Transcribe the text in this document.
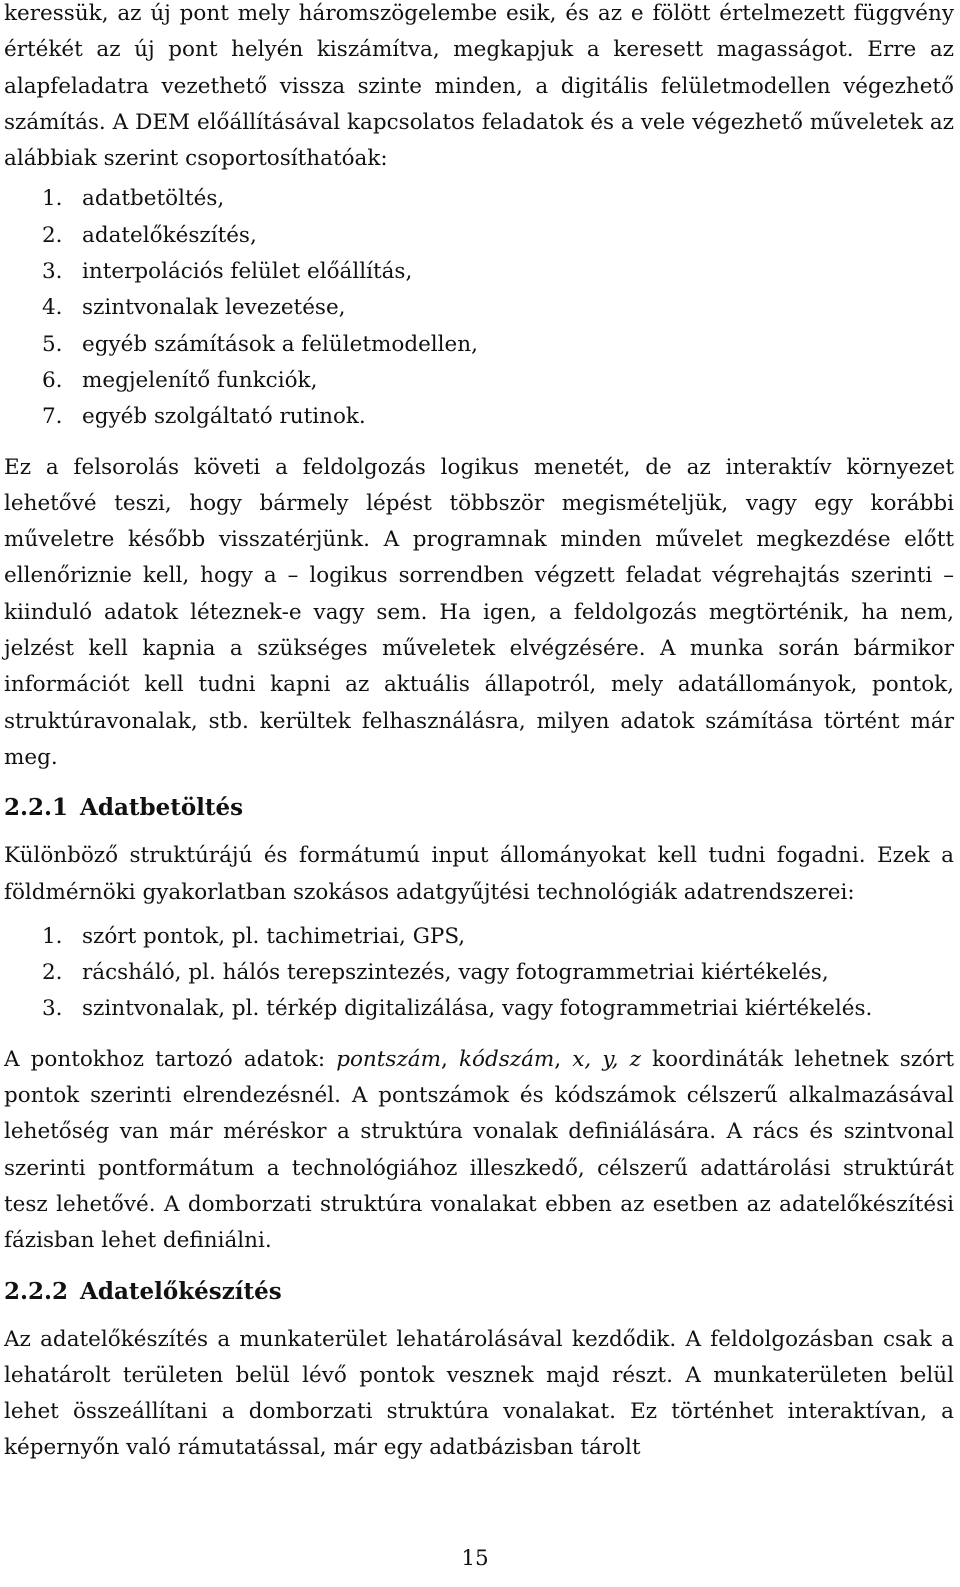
keressük, az új pont mely háromszögelembe esik, és az e fölött értelmezett függvény értékét az új pont helyén kiszámítva, megkapjuk a keresett magasságot. Erre az alapfeladatra vezethető vissza szinte minden, a digitális felületmodellen végezhető számítás. A DEM előállításával kapcsolatos feladatok és a vele végezhető műveletek az alábbiak szerint csoportosíthatóak:

1. adatbetöltés,
2. adatelőkészítés,
3. interpolációs felület előállítás,
4. szintvonalak levezetése,
5. egyéb számítások a felületmodellen,
6. megjelenítő funkciók,
7. egyéb szolgáltató rutinok.

Ez a felsorolás követi a feldolgozás logikus menetét, de az interaktív környezet lehetővé teszi, hogy bármely lépést többször megismételjük, vagy egy korábbi műveletre később visszatérjünk. A programnak minden művelet megkezdése előtt ellenőriznie kell, hogy a – logikus sorrendben végzett feladat végrehajtás szerinti – kiinduló adatok léteznek-e vagy sem. Ha igen, a feldolgozás megtörténik, ha nem, jelzést kell kapnia a szükséges műveletek elvégzésére. A munka során bármikor információt kell tudni kapni az aktuális állapotról, mely adatállományok, pontok, struktúravonalak, stb. kerültek felhasználásra, milyen adatok számítása történt már meg.

2.2.1 Adatbetöltés

Különböző struktúrájú és formátumú input állományokat kell tudni fogadni. Ezek a földmérnöki gyakorlatban szokásos adatgyűjtési technológiák adatrendszerei:

1. szórt pontok, pl. tachimetriai, GPS,
2. rácsháló, pl. hálós terepszintezés, vagy fotogrammetriai kiértékelés,
3. szintvonalak, pl. térkép digitalizálása, vagy fotogrammetriai kiértékelés.

A pontokhoz tartozó adatok: pontszám, kódszám, x, y, z koordináták lehetnek szórt pontok szerinti elrendezésnél. A pontszámok és kódszámok célszerű alkalmazásával lehetőség van már méréskor a struktúra vonalak definiálására. A rács és szintvonal szerinti pontformátum a technológiához illeszkedő, célszerű adattárolási struktúrát tesz lehetővé. A domborzati struktúra vonalakat ebben az esetben az adatelőkészítési fázisban lehet definiálni.

2.2.2 Adatelőkészítés

Az adatelőkészítés a munkaterület lehatárolásával kezdődik. A feldolgozásban csak a lehatárolt területen belül lévő pontok vesznek majd részt. A munkaterületen belül lehet összeállítani a domborzati struktúra vonalakat. Ez történhet interaktívan, a képernyőn való rámutatással, már egy adatbázisban tárolt

15
